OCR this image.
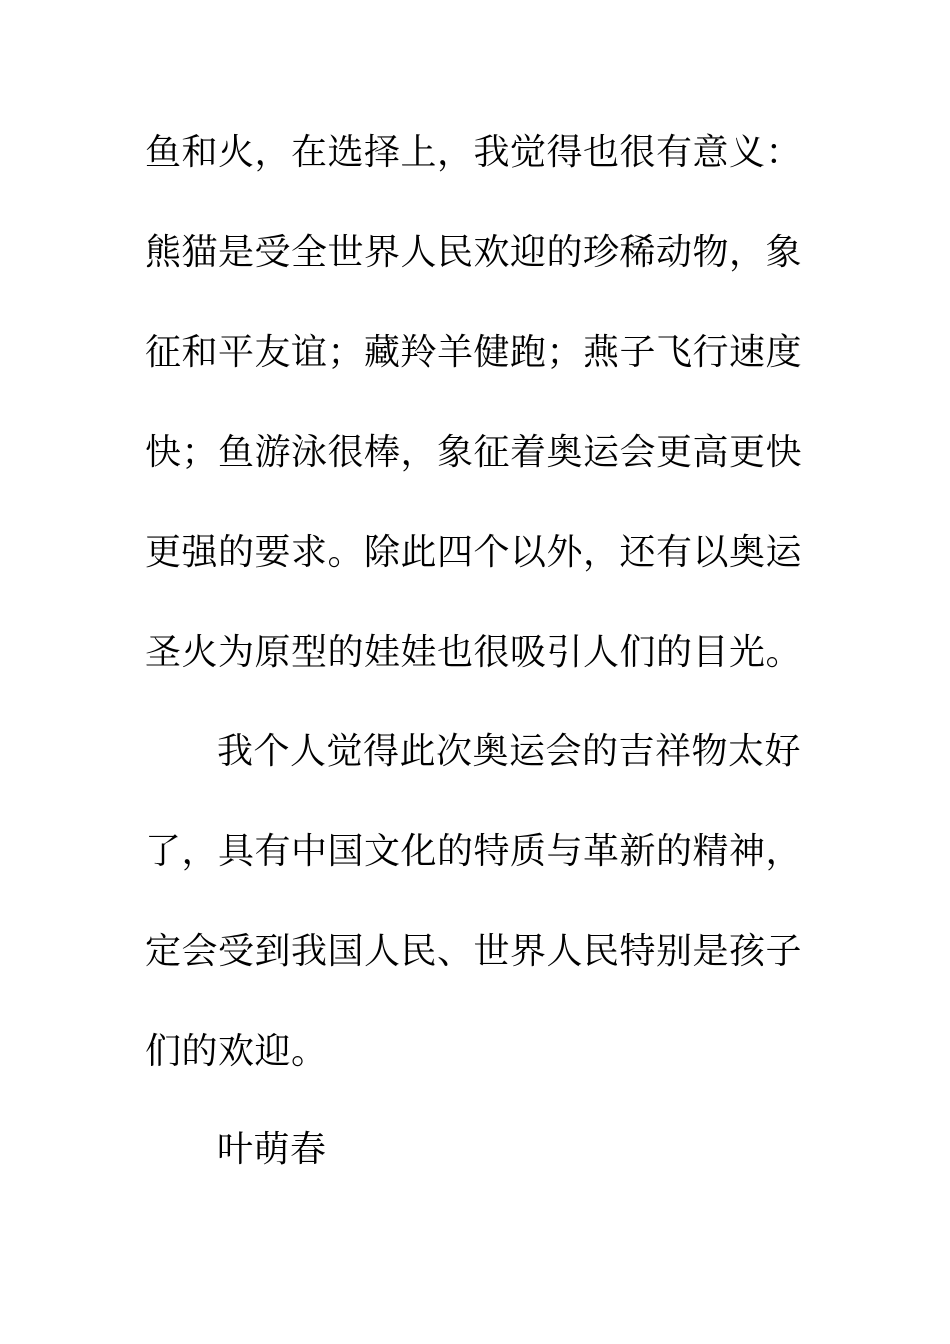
鱼和火，在选择上，我觉得也很有意义：
熊猫是受全世界人民欢迎的珍稀动物，象
征和平友谊；藏羚羊健跑；燕子飞行速度
快；鱼游泳很棒，象征着奥运会更高更快
更强的要求。除此四个以外，还有以奥运
圣火为原型的娃娃也很吸引人们的目光。
我个人觉得此次奥运会的吉祥物太好
了，具有中国文化的特质与革新的精神，
定会受到我国人民、世界人民特别是孩子
们的欢迎。
叶萌春
